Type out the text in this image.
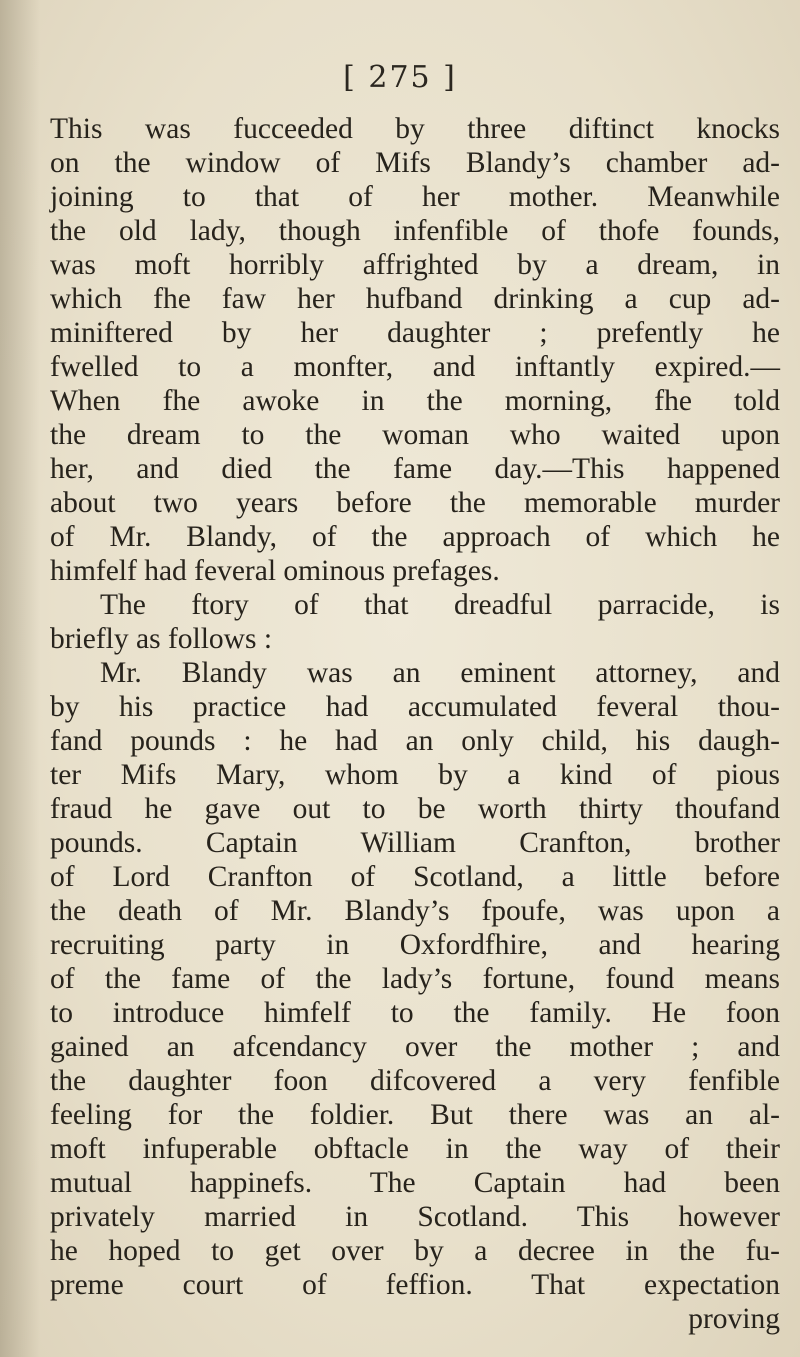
[ 275 ]
This was fucceeded by three diftinct knocks
on the window of Mifs Blandy’s chamber ad-
joining to that of her mother. Meanwhile
the old lady, though infenfible of thofe founds,
was moft horribly affrighted by a dream, in
which fhe faw her hufband drinking a cup ad-
miniftered by her daughter ; prefently he
fwelled to a monfter, and inftantly expired.—
When fhe awoke in the morning, fhe told
the dream to the woman who waited upon
her, and died the fame day.—This happened
about two years before the memorable murder
of Mr. Blandy, of the approach of which he
himfelf had feveral ominous prefages.
The ftory of that dreadful parracide, is
briefly as follows :
Mr. Blandy was an eminent attorney, and
by his practice had accumulated feveral thou-
fand pounds : he had an only child, his daugh-
ter Mifs Mary, whom by a kind of pious
fraud he gave out to be worth thirty thoufand
pounds. Captain William Cranfton, brother
of Lord Cranfton of Scotland, a little before
the death of Mr. Blandy’s fpoufe, was upon a
recruiting party in Oxfordfhire, and hearing
of the fame of the lady’s fortune, found means
to introduce himfelf to the family. He foon
gained an afcendancy over the mother ; and
the daughter foon difcovered a very fenfible
feeling for the foldier. But there was an al-
moft infuperable obftacle in the way of their
mutual happinefs. The Captain had been
privately married in Scotland. This however
he hoped to get over by a decree in the fu-
preme court of feffion. That expectation
proving
